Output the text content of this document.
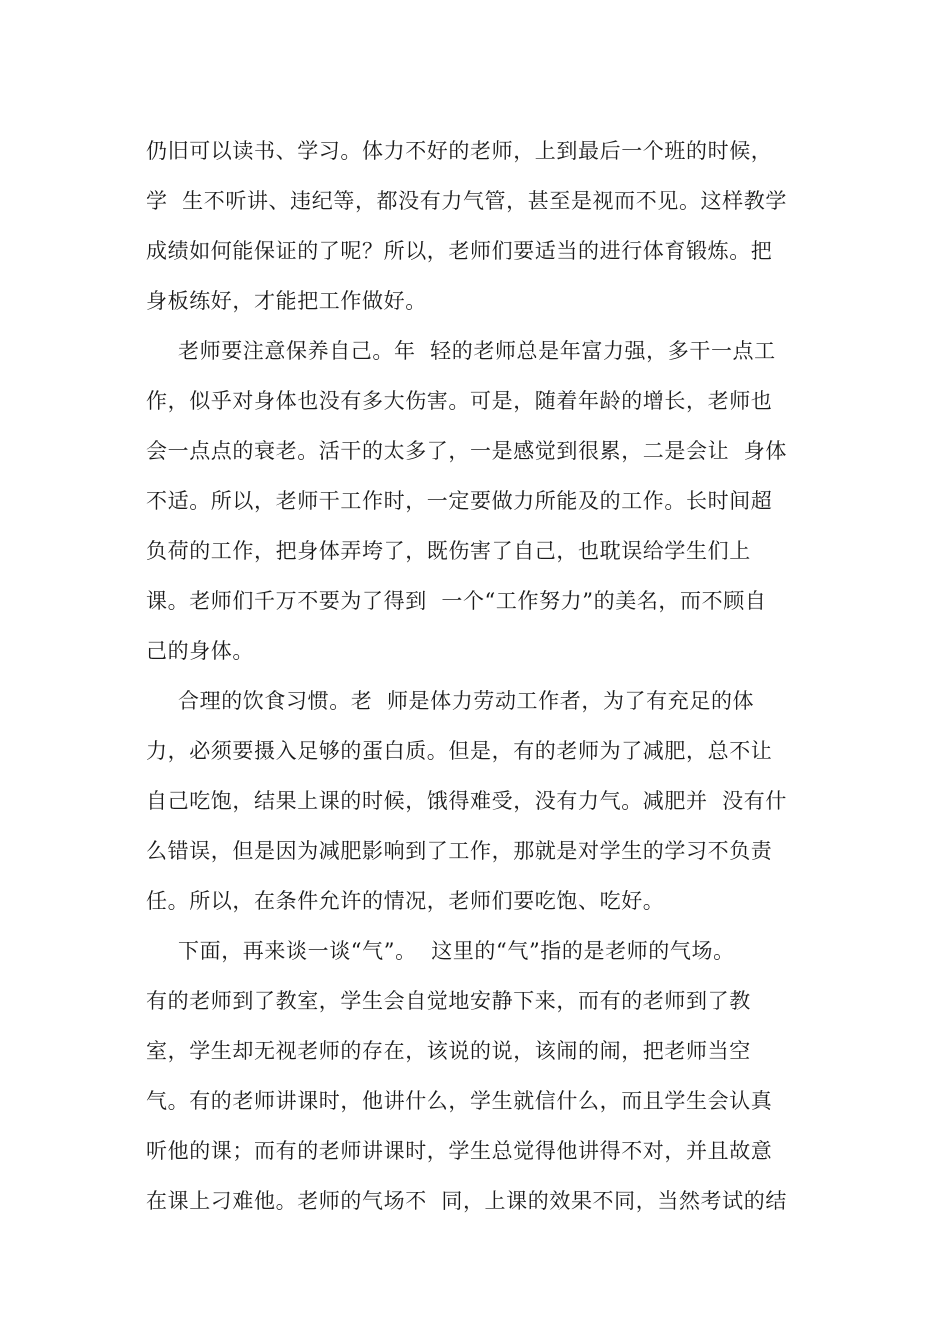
仍旧可以读书、学习。体力不好的老师，上到最后一个班的时候，
学  生不听讲、违纪等，都没有力气管，甚至是视而不见。这样教学
成绩如何能保证的了呢？所以，老师们要适当的进行体育锻炼。把
身板练好，才能把工作做好。
老师要注意保养自己。年  轻的老师总是年富力强，多干一点工
作，似乎对身体也没有多大伤害。可是，随着年龄的增长，老师也
会一点点的衰老。活干的太多了，一是感觉到很累，二是会让  身体
不适。所以，老师干工作时，一定要做力所能及的工作。长时间超
负荷的工作，把身体弄垮了，既伤害了自己，也耽误给学生们上
课。老师们千万不要为了得到  一个“工作努力”的美名，而不顾自
己的身体。
合理的饮食习惯。老  师是体力劳动工作者，为了有充足的体
力，必须要摄入足够的蛋白质。但是，有的老师为了减肥，总不让
自己吃饱，结果上课的时候，饿得难受，没有力气。减肥并  没有什
么错误，但是因为减肥影响到了工作，那就是对学生的学习不负责
任。所以，在条件允许的情况，老师们要吃饱、吃好。
下面，再来谈一谈“气”。  这里的“气”指的是老师的气场。
有的老师到了教室，学生会自觉地安静下来，而有的老师到了教
室，学生却无视老师的存在，该说的说，该闹的闹，把老师当空
气。有的老师讲课时，他讲什么，学生就信什么，而且学生会认真
听他的课；而有的老师讲课时，学生总觉得他讲得不对，并且故意
在课上刁难他。老师的气场不  同，上课的效果不同，当然考试的结
